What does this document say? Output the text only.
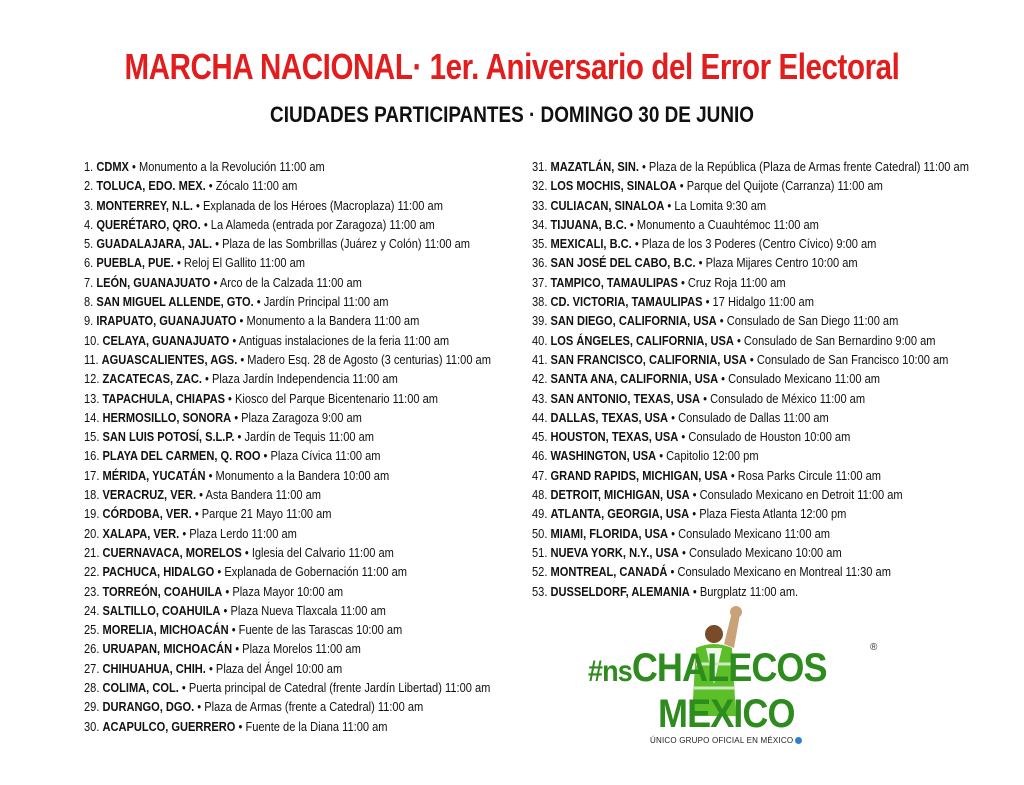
MARCHA NACIONAL· 1er. Aniversario del Error Electoral
CIUDADES PARTICIPANTES · DOMINGO 30 DE JUNIO
1. CDMX • Monumento a la Revolución 11:00 am
2. TOLUCA, EDO. MEX. • Zócalo 11:00 am
3. MONTERREY, N.L. • Explanada de los Héroes (Macroplaza) 11:00 am
4. QUERÉTARO, QRO. • La Alameda (entrada por Zaragoza) 11:00 am
5. GUADALAJARA, JAL. • Plaza de las Sombrillas (Juárez y Colón) 11:00 am
6. PUEBLA, PUE. • Reloj El Gallito 11:00 am
7. LEÓN, GUANAJUATO • Arco de la Calzada 11:00 am
8. SAN MIGUEL ALLENDE, GTO. • Jardín Principal 11:00 am
9. IRAPUATO, GUANAJUATO • Monumento a la Bandera 11:00 am
10. CELAYA, GUANAJUATO • Antiguas instalaciones de la feria 11:00 am
11. AGUASCALIENTES, AGS. • Madero Esq. 28 de Agosto (3 centurias) 11:00 am
12. ZACATECAS, ZAC. • Plaza Jardín Independencia 11:00 am
13. TAPACHULA, CHIAPAS • Kiosco del Parque Bicentenario 11:00 am
14. HERMOSILLO, SONORA • Plaza Zaragoza 9:00 am
15. SAN LUIS POTOSÍ, S.L.P. • Jardín de Tequis 11:00 am
16. PLAYA DEL CARMEN, Q. ROO • Plaza Cívica 11:00 am
17. MÉRIDA, YUCATÁN • Monumento a la Bandera 10:00 am
18. VERACRUZ, VER. • Asta Bandera 11:00 am
19. CÓRDOBA, VER. • Parque 21 Mayo 11:00 am
20. XALAPA, VER. • Plaza Lerdo 11:00 am
21. CUERNAVACA, MORELOS • Iglesia del Calvario 11:00 am
22. PACHUCA, HIDALGO • Explanada de Gobernación 11:00 am
23. TORREÓN, COAHUILA • Plaza Mayor 10:00 am
24. SALTILLO, COAHUILA • Plaza Nueva Tlaxcala 11:00 am
25. MORELIA, MICHOACÁN • Fuente de las Tarascas 10:00 am
26. URUAPAN, MICHOACÁN • Plaza Morelos 11:00 am
27. CHIHUAHUA, CHIH. • Plaza del Ángel 10:00 am
28. COLIMA, COL. • Puerta principal de Catedral (frente Jardín Libertad) 11:00 am
29. DURANGO, DGO. • Plaza de Armas (frente a Catedral) 11:00 am
30. ACAPULCO, GUERRERO • Fuente de la Diana 11:00 am
31. MAZATLÁN, SIN. • Plaza de la República (Plaza de Armas frente Catedral) 11:00 am
32. LOS MOCHIS, SINALOA • Parque del Quijote (Carranza) 11:00 am
33. CULIACAN, SINALOA • La Lomita 9:30 am
34. TIJUANA, B.C. • Monumento a Cuauhtémoc 11:00 am
35. MEXICALI, B.C. • Plaza de los 3 Poderes (Centro Cívico) 9:00 am
36. SAN JOSÉ DEL CABO, B.C. • Plaza Mijares Centro 10:00 am
37. TAMPICO, TAMAULIPAS • Cruz Roja 11:00 am
38. CD. VICTORIA, TAMAULIPAS • 17 Hidalgo 11:00 am
39. SAN DIEGO, CALIFORNIA, USA • Consulado de San Diego 11:00 am
40. LOS ÁNGELES, CALIFORNIA, USA • Consulado de San Bernardino 9:00 am
41. SAN FRANCISCO, CALIFORNIA, USA • Consulado de San Francisco 10:00 am
42. SANTA ANA, CALIFORNIA, USA • Consulado Mexicano 11:00 am
43. SAN ANTONIO, TEXAS, USA • Consulado de México 11:00 am
44. DALLAS, TEXAS, USA • Consulado de Dallas 11:00 am
45. HOUSTON, TEXAS, USA • Consulado de Houston 10:00 am
46. WASHINGTON, USA • Capitolio 12:00 pm
47. GRAND RAPIDS, MICHIGAN, USA • Rosa Parks Circule 11:00 am
48. DETROIT, MICHIGAN, USA • Consulado Mexicano en Detroit 11:00 am
49. ATLANTA, GEORGIA, USA • Plaza Fiesta Atlanta 12:00 pm
50. MIAMI, FLORIDA, USA • Consulado Mexicano 11:00 am
51. NUEVA YORK, N.Y., USA • Consulado Mexicano 10:00 am
52. MONTREAL, CANADÁ • Consulado Mexicano en Montreal 11:30 am
53. DUSSELDORF, ALEMANIA • Burgplatz 11:00 am.
#nsCHALECOS
MEXICO
®
ÚNICO GRUPO OFICIAL EN MÉXICO
